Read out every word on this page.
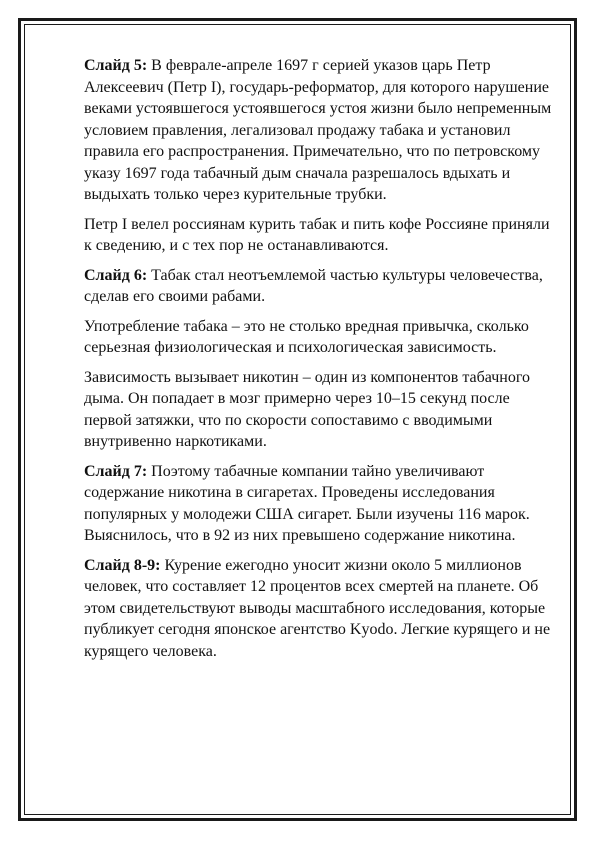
Слайд 5: В феврале-апреле 1697 г серией указов царь Петр Алексеевич (Петр I), государь-реформатор, для которого нарушение веками устоявшегося устоявшегося устоя жизни было непременным условием правления, легализовал продажу табака и установил правила его распространения. Примечательно, что по петровскому указу 1697 года табачный дым сначала разрешалось вдыхать и выдыхать только через курительные трубки.

Петр I велел россиянам курить табак и пить кофе Россияне приняли к сведению, и с тех пор не останавливаются.

Слайд 6: Табак стал неотъемлемой частью культуры человечества, сделав его своими рабами.

Употребление табака – это не столько вредная привычка, сколько серьезная физиологическая и психологическая зависимость.

Зависимость вызывает никотин – один из компонентов табачного дыма. Он попадает в мозг примерно через 10–15 секунд после первой затяжки, что по скорости сопоставимо с вводимыми внутривенно наркотиками.

Слайд 7: Поэтому табачные компании тайно увеличивают содержание никотина в сигаретах. Проведены исследования популярных у молодежи США сигарет. Были изучены 116 марок. Выяснилось, что в 92 из них превышено содержание никотина.

Слайд 8-9: Курение ежегодно уносит жизни около 5 миллионов человек, что составляет 12 процентов всех смертей на планете. Об этом свидетельствуют выводы масштабного исследования, которые публикует сегодня японское агентство Kyodo. Легкие курящего и не курящего человека.
